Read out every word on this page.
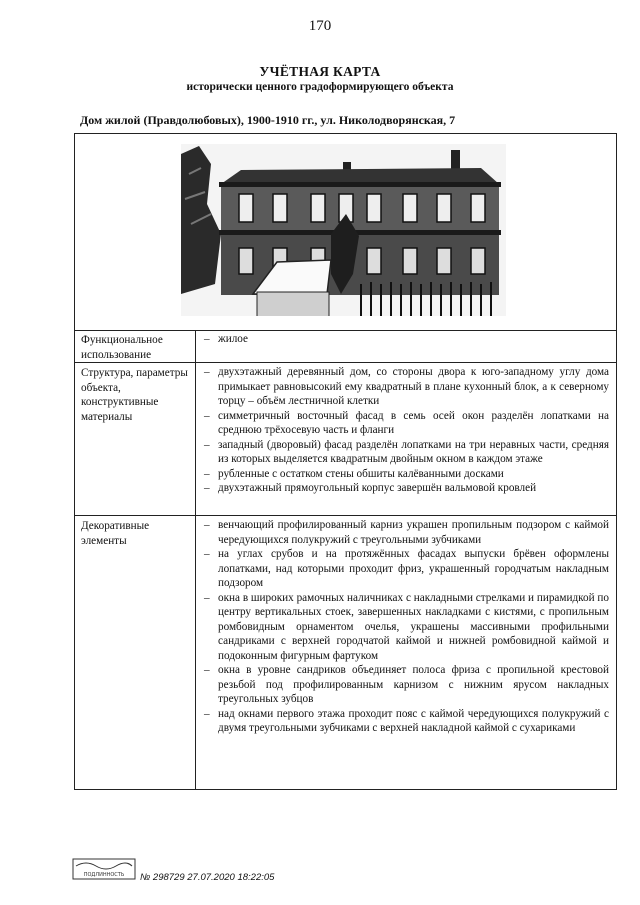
170
УЧЁТНАЯ КАРТА
исторически ценного градоформирующего объекта
Дом жилой (Правдолюбовых), 1900-1910 гг., ул. Николодворянская, 7
Функциональное использование
– жилое
Структура, параметры объекта, конструктивные материалы
– двухэтажный деревянный дом, со стороны двора к юго-западному углу дома примыкает равновысокий ему квадратный в плане кухонный блок, а к северному торцу – объём лестничной клетки
– симметричный восточный фасад в семь осей окон разделён лопатками на среднюю трёхосевую часть и фланги
– западный (дворовый) фасад разделён лопатками на три неравных части, средняя из которых выделяется квадратным двойным окном в каждом этаже
– рубленные с остатком стены обшиты калёванными досками
– двухэтажный прямоугольный корпус завершён вальмовой кровлей
Декоративные элементы
– венчающий профилированный карниз украшен пропильным подзором с каймой чередующихся полукружий с треугольными зубчиками
– на углах срубов и на протяжённых фасадах выпуски брёвен оформлены лопатками, над которыми проходит фриз, украшенный городчатым накладным подзором
– окна в широких рамочных наличниках с накладными стрелками и пирамидкой по центру вертикальных стоек, завершенных накладками с кистями, с пропильным ромбовидным орнаментом очелья, украшены массивными профильными сандриками с верхней городчатой каймой и нижней ромбовидной каймой и подоконным фигурным фартуком
– окна в уровне сандриков объединяет полоса фриза с пропильной крестовой резьбой под профилированным карнизом с нижним ярусом накладных треугольных зубцов
– над окнами первого этажа проходит пояс с каймой чередующихся полукружий с двумя треугольными зубчиками с верхней накладной каймой с сухариками
ПОДЛИННОСТЬ № 298729 27.07.2020 18:22:05
